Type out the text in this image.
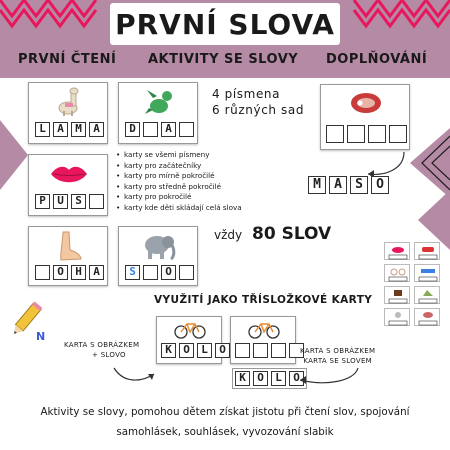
PRVNÍ SLOVA
PRVNÍ ČTENÍ AKTIVITY SE SLOVY DOPLŇOVÁNÍ
L	A	M	A	D	A
4 písmena
6 různých sad
M	A	S	O
P	U	S
• karty se všemi písmeny
• karty pro začátečníky
• karty pro mírně pokročilé
• karty pro středně pokročilé
• karty pro pokročilé
• karty kde děti skládají celá slova
vždy 80 SLOV
O	H	A	S	O
VYUŽITÍ JAKO TŘÍSLOŽKOVÉ KARTY
N
KARTA S OBRÁZKEM
+ SLOVO	K	O	L	O
K	O	L	O
KARTA S OBRÁZKEM
KARTA SE SLOVEM
Aktivity se slovy, pomohou dětem získat jistotu při čtení slov, spojování
samohlásek, souhlásek, vyvozování slabik
